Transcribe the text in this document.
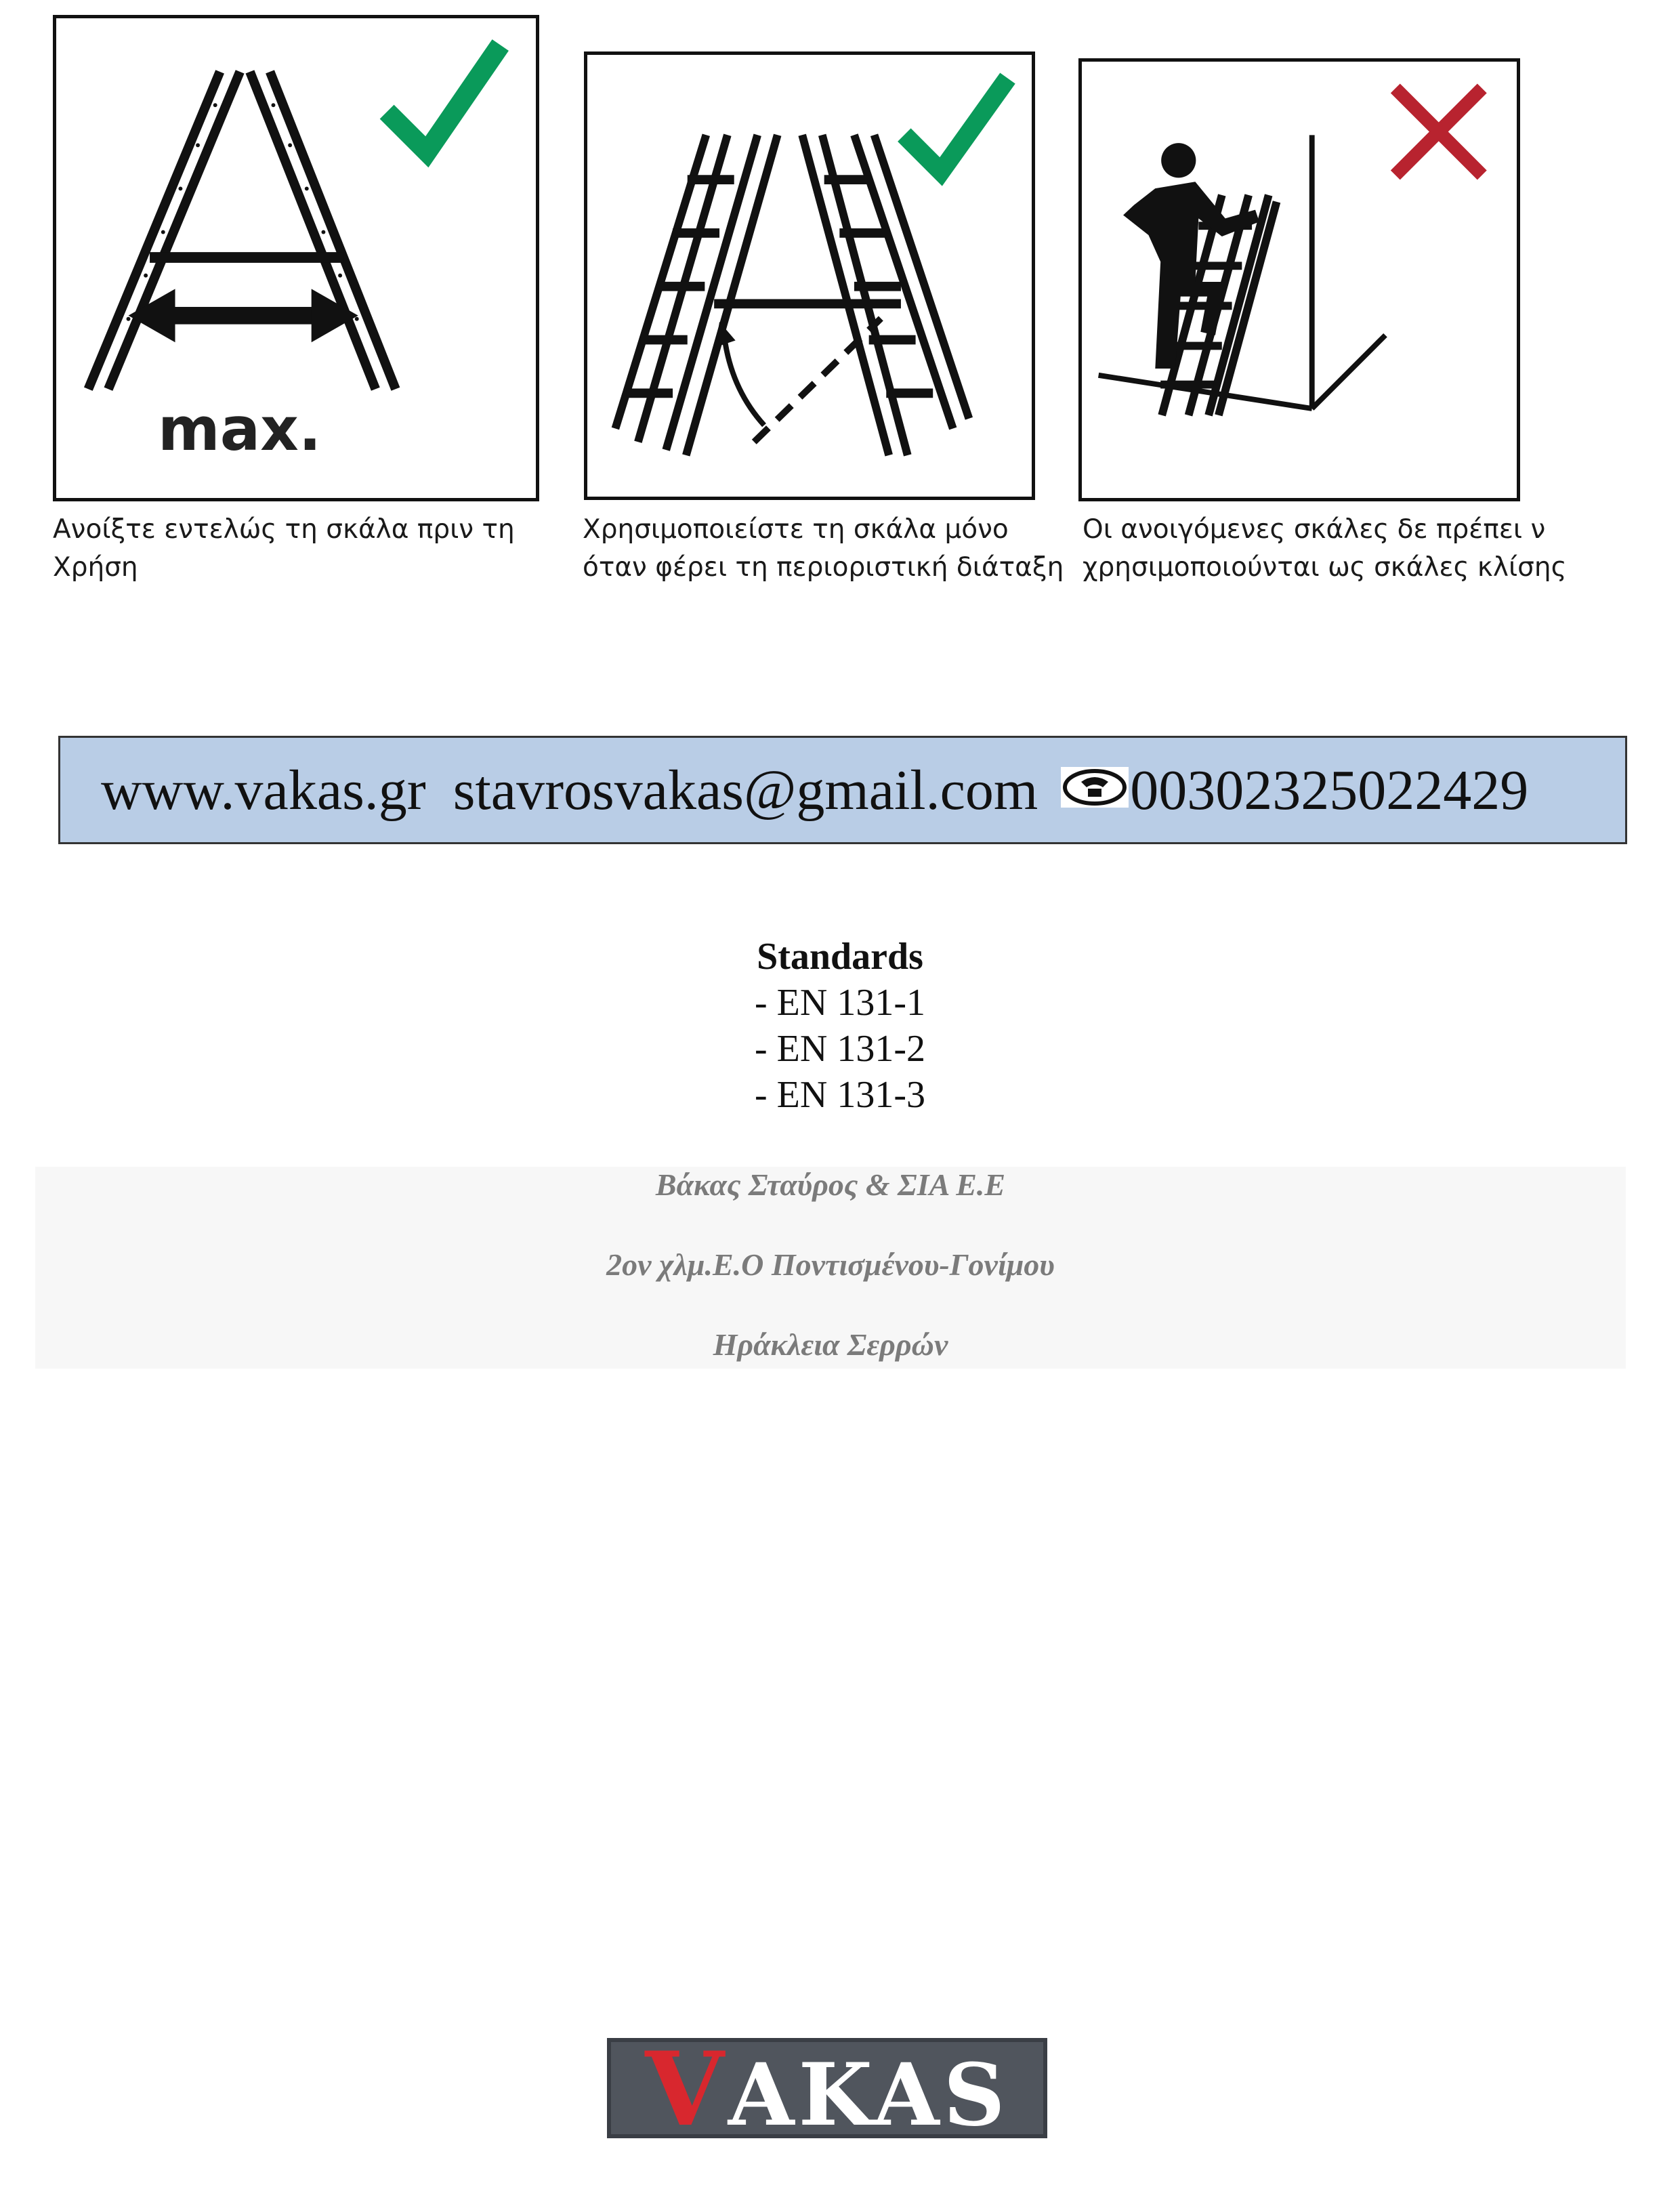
max.
Ανοίξτε εντελώς τη σκάλα πριν τη
Χρήση
Χρησιμοποιείστε τη σκάλα μόνο
όταν φέρει τη περιοριστική διάταξη
Οι ανοιγόμενες σκάλες δε πρέπει ν
χρησιμοποιούνται ως σκάλες κλίσης
www.vakas.gr stavrosvakas@gmail.com 00302325022429
Standards
- EN 131-1
- EN 131-2
- EN 131-3
Βάκας Σταύρος & ΣΙΑ Ε.Ε
2ον χλμ.Ε.Ο Ποντισμένου-Γονίμου
Ηράκλεια Σερρών
VAKAS
